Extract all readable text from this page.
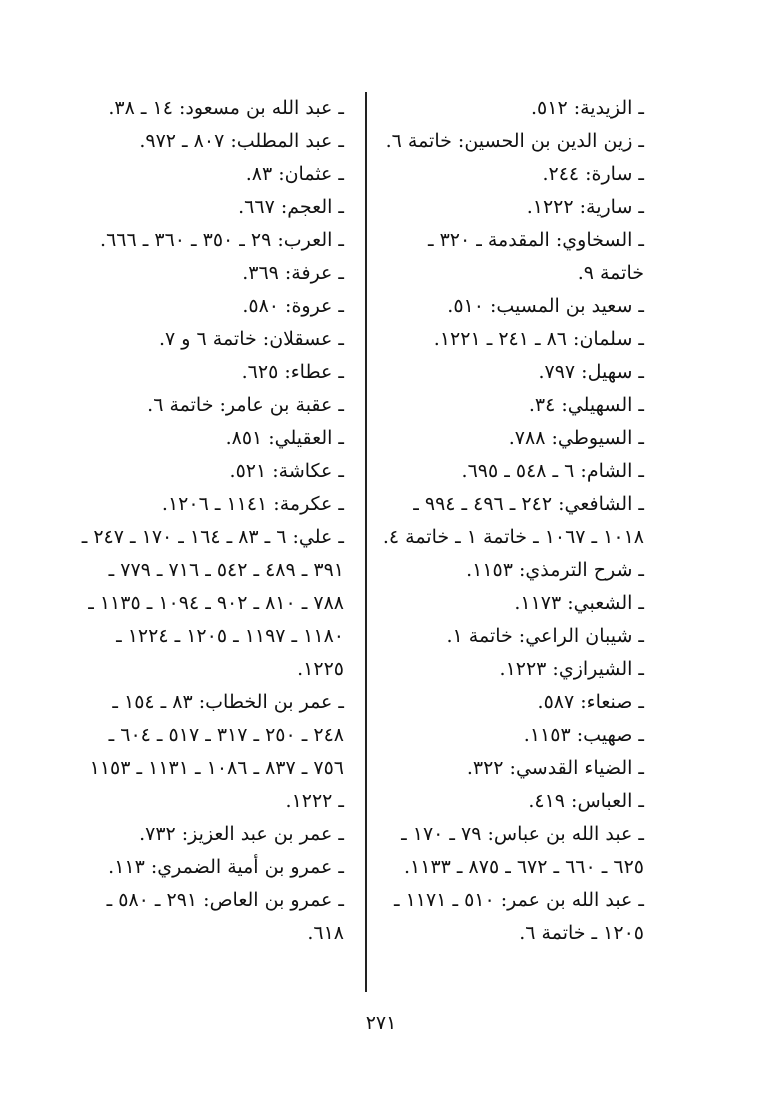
ـ الزيدية: ٥١٢.

ـ زين الدين بن الحسين: خاتمة ٦.

ـ سارة: ٢٤٤.

ـ سارية: ١٢٢٢.

ـ السخاوي: المقدمة ـ ٣٢٠ ـ خاتمة ٩.

ـ سعيد بن المسيب: ٥١٠.

ـ سلمان: ٨٦ ـ ٢٤١ ـ ١٢٢١.

ـ سهيل: ٧٩٧.

ـ السهيلي: ٣٤.

ـ السيوطي: ٧٨٨.

ـ الشام: ٦ ـ ٥٤٨ ـ ٦٩٥.

ـ الشافعي: ٢٤٢ ـ ٤٩٦ ـ ٩٩٤ ـ ١٠١٨ ـ ١٠٦٧ ـ خاتمة ١ ـ خاتمة ٤.

ـ شرح الترمذي: ١١٥٣.

ـ الشعبي: ١١٧٣.

ـ شيبان الراعي: خاتمة ١.

ـ الشيرازي: ١٢٢٣.

ـ صنعاء: ٥٨٧.

ـ صهيب: ١١٥٣.

ـ الضياء القدسي: ٣٢٢.

ـ العباس: ٤١٩.

ـ عبد الله بن عباس: ٧٩ ـ ١٧٠ ـ ٦٢٥ ـ ٦٦٠ ـ ٦٧٢ ـ ٨٧٥ ـ ١١٣٣.

ـ عبد الله بن عمر: ٥١٠ ـ ١١٧١ ـ ١٢٠٥ ـ خاتمة ٦.

ـ عبد الله بن مسعود: ١٤ ـ ٣٨.

ـ عبد المطلب: ٨٠٧ ـ ٩٧٢.

ـ عثمان: ٨٣.

ـ العجم: ٦٦٧.

ـ العرب: ٢٩ ـ ٣٥٠ ـ ٣٦٠ ـ ٦٦٦.

ـ عرفة: ٣٦٩.

ـ عروة: ٥٨٠.

ـ عسقلان: خاتمة ٦ و ٧.

ـ عطاء: ٦٢٥.

ـ عقبة بن عامر: خاتمة ٦.

ـ العقيلي: ٨٥١.

ـ عكاشة: ٥٢١.

ـ عكرمة: ١١٤١ ـ ١٢٠٦.

ـ علي: ٦ ـ ٨٣ ـ ١٦٤ ـ ١٧٠ ـ ٢٤٧ ـ ٣٩١ ـ ٤٨٩ ـ ٥٤٢ ـ ٧١٦ ـ ٧٧٩ ـ ٧٨٨ ـ ٨١٠ ـ ٩٠٢ ـ ١٠٩٤ ـ ١١٣٥ ـ ١١٨٠ ـ ١١٩٧ ـ ١٢٠٥ ـ ١٢٢٤ ـ ١٢٢٥.

ـ عمر بن الخطاب: ٨٣ ـ ١٥٤ ـ ٢٤٨ ـ ٢٥٠ ـ ٣١٧ ـ ٥١٧ ـ ٦٠٤ ـ ٧٥٦ ـ ٨٣٧ ـ ١٠٨٦ ـ ١١٣١ ـ ١١٥٣ ـ ١٢٢٢.

ـ عمر بن عبد العزيز: ٧٣٢.

ـ عمرو بن أمية الضمري: ١١٣.

ـ عمرو بن العاص: ٢٩١ ـ ٥٨٠ ـ ٦١٨.

٢٧١
